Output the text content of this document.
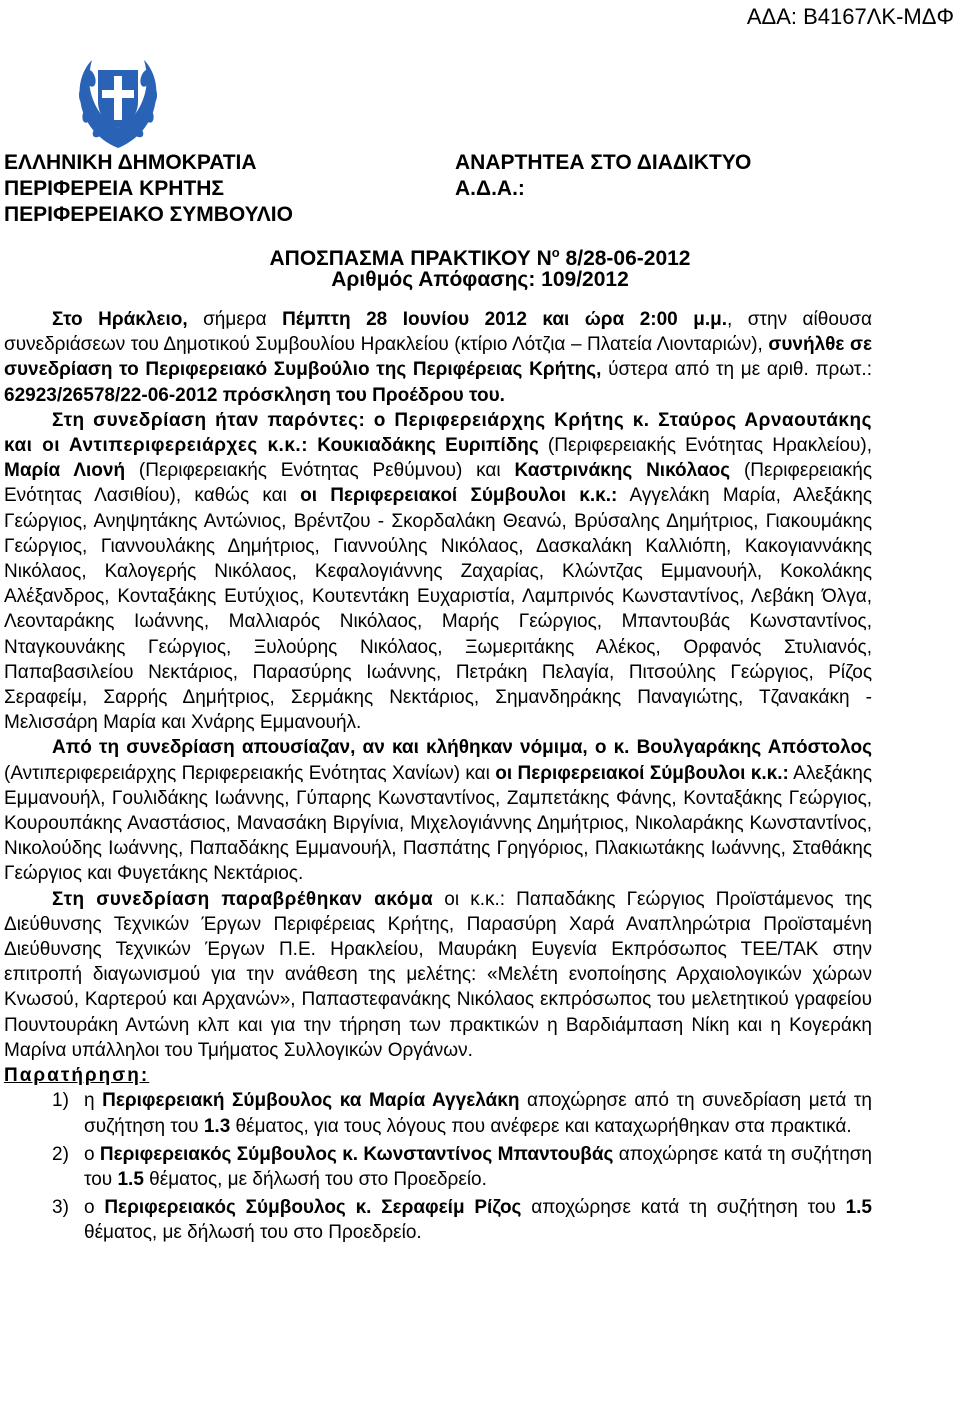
ΑΔΑ: Β4167ΛΚ-ΜΔΦ
ΕΛΛΗΝΙΚΗ ΔΗΜΟΚΡΑΤΙΑ
ΠΕΡΙΦΕΡΕΙΑ ΚΡΗΤΗΣ
ΠΕΡΙΦΕΡΕΙΑΚΟ ΣΥΜΒΟΥΛΙΟ
ΑΝΑΡΤΗΤΕΑ ΣΤΟ ΔΙΑΔΙΚΤΥΟ
Α.Δ.Α.:
ΑΠΟΣΠΑΣΜΑ ΠΡΑΚΤΙΚΟΥ $N^o$ 8/28-06-2012
Αριθμός Απόφασης: 109/2012

Στο Ηράκλειο, σήμερα Πέμπτη 28 Ιουνίου 2012 και ώρα 2:00 μ.μ., στην αίθουσα συνεδριάσεων του Δημοτικού Συμβουλίου Ηρακλείου (κτίριο Λότζια – Πλατεία Λιονταριών), συνήλθε σε συνεδρίαση το Περιφερειακό Συμβούλιο της Περιφέρειας Κρήτης, ύστερα από τη με αριθ. πρωτ.: 62923/26578/22-06-2012 πρόσκληση του Προέδρου του.

Στη συνεδρίαση ήταν παρόντες: ο Περιφερειάρχης Κρήτης κ. Σταύρος Αρναουτάκης και οι Αντιπεριφερειάρχες κ.κ.: Κουκιαδάκης Ευριπίδης (Περιφερειακής Ενότητας Ηρακλείου), Μαρία Λιονή (Περιφερειακής Ενότητας Ρεθύμνου) και Καστρινάκης Νικόλαος (Περιφερειακής Ενότητας Λασιθίου), καθώς και οι Περιφερειακοί Σύμβουλοι κ.κ.: Αγγελάκη Μαρία, Αλεξάκης Γεώργιος, Ανηψητάκης Αντώνιος, Βρέντζου - Σκορδαλάκη Θεανώ, Βρύσαλης Δημήτριος, Γιακουμάκης Γεώργιος, Γιαννουλάκης Δημήτριος, Γιαννούλης Νικόλαος, Δασκαλάκη Καλλιόπη, Κακογιαννάκης Νικόλαος, Καλογερής Νικόλαος, Κεφαλογιάννης Ζαχαρίας, Κλώντζας Εμμανουήλ, Κοκολάκης Αλέξανδρος, Κονταξάκης Ευτύχιος, Κουτεντάκη Ευχαριστία, Λαμπρινός Κωνσταντίνος, Λεβάκη Όλγα, Λεονταράκης Ιωάννης, Μαλλιαρός Νικόλαος, Μαρής Γεώργιος, Μπαντουβάς Κωνσταντίνος, Νταγκουνάκης Γεώργιος, Ξυλούρης Νικόλαος, Ξωμεριτάκης Αλέκος, Ορφανός Στυλιανός, Παπαβασιλείου Νεκτάριος, Παρασύρης Ιωάννης, Πετράκη Πελαγία, Πιτσούλης Γεώργιος, Ρίζος Σεραφείμ, Σαρρής Δημήτριος, Σερμάκης Νεκτάριος, Σημανδηράκης Παναγιώτης, Τζανακάκη - Μελισσάρη Μαρία και Χνάρης Εμμανουήλ.

Από τη συνεδρίαση απουσίαζαν, αν και κλήθηκαν νόμιμα, ο κ. Βουλγαράκης Απόστολος (Αντιπεριφερειάρχης Περιφερειακής Ενότητας Χανίων) και οι Περιφερειακοί Σύμβουλοι κ.κ.: Αλεξάκης Εμμανουήλ, Γουλιδάκης Ιωάννης, Γύπαρης Κωνσταντίνος, Ζαμπετάκης Φάνης, Κονταξάκης Γεώργιος, Κουρουπάκης Αναστάσιος, Μανασάκη Βιργίνια, Μιχελογιάννης Δημήτριος, Νικολαράκης Κωνσταντίνος, Νικολούδης Ιωάννης, Παπαδάκης Εμμανουήλ, Πασπάτης Γρηγόριος, Πλακιωτάκης Ιωάννης, Σταθάκης Γεώργιος και Φυγετάκης Νεκτάριος.

Στη συνεδρίαση παραβρέθηκαν ακόμα οι κ.κ.: Παπαδάκης Γεώργιος Προϊστάμενος της Διεύθυνσης Τεχνικών Έργων Περιφέρειας Κρήτης, Παρασύρη Χαρά Αναπληρώτρια Προϊσταμένη Διεύθυνσης Τεχνικών Έργων Π.Ε. Ηρακλείου, Μαυράκη Ευγενία Εκπρόσωπος ΤΕΕ/ΤΑΚ στην επιτροπή διαγωνισμού για την ανάθεση της μελέτης: «Μελέτη ενοποίησης Αρχαιολογικών χώρων Κνωσού, Καρτερού και Αρχανών», Παπαστεφανάκης Νικόλαος εκπρόσωπος του μελετητικού γραφείου Πουντουράκη Αντώνη κλπ και για την τήρηση των πρακτικών η Βαρδιάμπαση Νίκη και η Κογεράκη Μαρίνα υπάλληλοι του Τμήματος Συλλογικών Οργάνων.

Παρατήρηση:

1) η Περιφερειακή Σύμβουλος κα Μαρία Αγγελάκη αποχώρησε από τη συνεδρίαση μετά τη συζήτηση του 1.3 θέματος, για τους λόγους που ανέφερε και καταχωρήθηκαν στα πρακτικά.
2) ο Περιφερειακός Σύμβουλος κ. Κωνσταντίνος Μπαντουβάς αποχώρησε κατά τη συζήτηση του 1.5 θέματος, με δήλωσή του στο Προεδρείο.
3) ο Περιφερειακός Σύμβουλος κ. Σεραφείμ Ρίζος αποχώρησε κατά τη συζήτηση του 1.5 θέματος, με δήλωσή του στο Προεδρείο.
